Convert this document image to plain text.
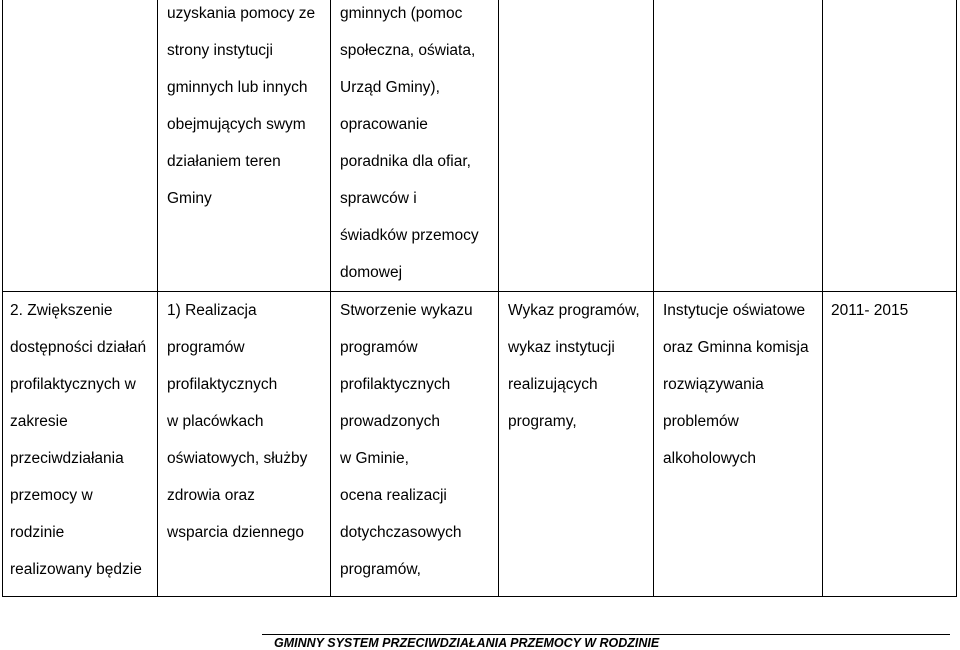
uzyskania pomocy ze
strony instytucji
gminnych lub innych
obejmujących swym
działaniem teren
Gminy
gminnych (pomoc
społeczna, oświata,
Urząd Gminy),
opracowanie
poradnika dla ofiar,
sprawców i
świadków przemocy
domowej
2. Zwiększenie
dostępności działań
profilaktycznych w
zakresie
przeciwdziałania
przemocy w
rodzinie
realizowany będzie
1) Realizacja
programów
profilaktycznych
w placówkach
oświatowych, służby
zdrowia oraz
wsparcia dziennego
Stworzenie wykazu
programów
profilaktycznych
prowadzonych
w Gminie,
ocena realizacji
dotychczasowych
programów,
Wykaz programów,
wykaz instytucji
realizujących
programy,
Instytucje oświatowe
oraz Gminna komisja
rozwiązywania
problemów
alkoholowych
2011- 2015
GMINNY SYSTEM PRZECIWDZIAŁANIA PRZEMOCY W RODZINIE
